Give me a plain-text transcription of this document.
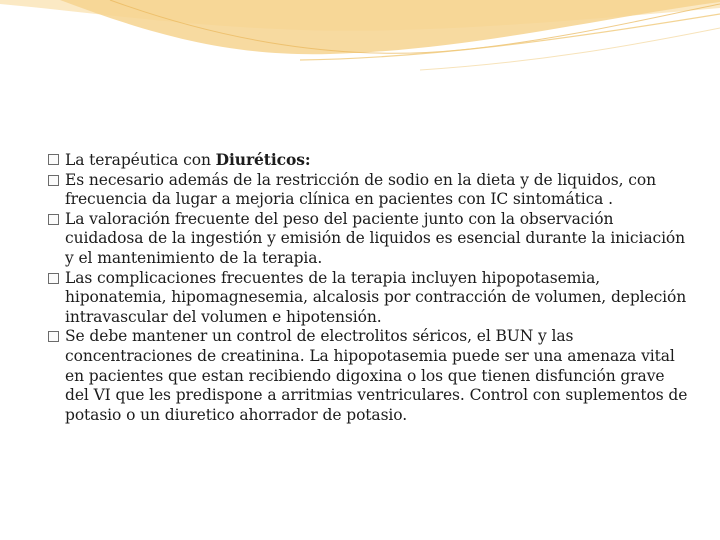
La terapéutica con Diuréticos:

Es necesario además de la restricción de sodio en la dieta y de liquidos, con frecuencia da lugar a mejoria clínica en pacientes con IC sintomática .

La valoración frecuente del peso del paciente junto con la observación cuidadosa de la ingestión y emisión de liquidos es esencial durante la iniciación y el mantenimiento de la terapia.

Las complicaciones frecuentes de la terapia incluyen hipopotasemia, hiponatemia, hipomagnesemia, alcalosis por contracción de volumen, depleción intravascular del volumen e hipotensión.

Se debe mantener un control de electrolitos séricos, el BUN y las concentraciones de creatinina. La hipopotasemia puede ser una amenaza vital en pacientes que estan recibiendo digoxina o los que tienen disfunción grave del VI que les predispone a arritmias ventriculares. Control con suplementos de potasio o un diuretico ahorrador de potasio.
